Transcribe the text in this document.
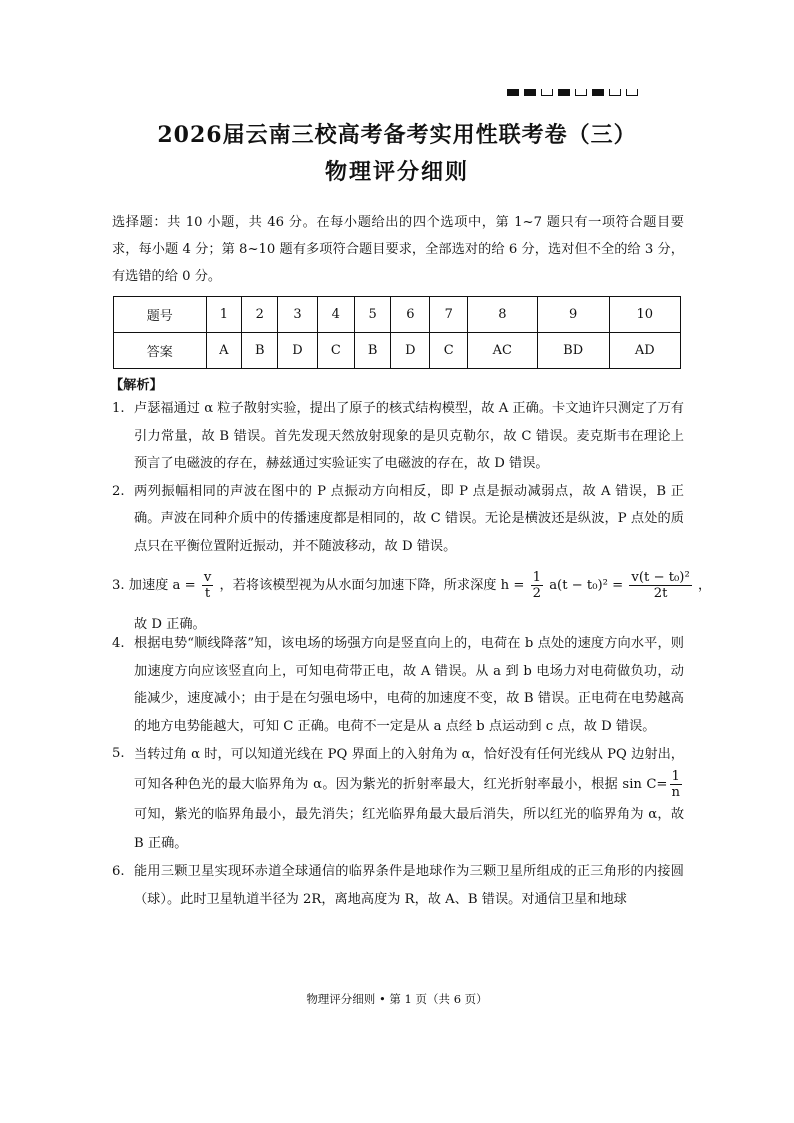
2026届云南三校高考备考实用性联考卷（三）
物理评分细则
选择题：共 10 小题，共 46 分。在每小题给出的四个选项中，第 1~7 题只有一项符合题目要求，每小题 4 分；第 8~10 题有多项符合题目要求，全部选对的给 6 分，选对但不全的给 3 分，有选错的给 0 分。
题号	1	2	3	4	5	6	7	8	9	10
答案	A	B	D	C	B	D	C	AC	BD	AD
【解析】
1. 卢瑟福通过 α 粒子散射实验，提出了原子的核式结构模型，故 A 正确。卡文迪许只测定了万有引力常量，故 B 错误。首先发现天然放射现象的是贝克勒尔，故 C 错误。麦克斯韦在理论上预言了电磁波的存在，赫兹通过实验证实了电磁波的存在，故 D 错误。
2. 两列振幅相同的声波在图中的 P 点振动方向相反，即 P 点是振动减弱点，故 A 错误，B 正确。声波在同种介质中的传播速度都是相同的，故 C 错误。无论是横波还是纵波，P 点处的质点只在平衡位置附近振动，并不随波移动，故 D 错误。
3. 加速度 $a = \frac{v}{t}$ ，若将该模型视为从水面匀加速下降，所求深度 $h = \frac{1}{2} a(t - t_0)^2 = \frac{\text{v(t − t₀)²}}{2t}$ ，
故 D 正确。
4. 根据电势“顺线降落”知，该电场的场强方向是竖直向上的，电荷在 b 点处的速度方向水平，则加速度方向应该竖直向上，可知电荷带正电，故 A 错误。从 a 到 b 电场力对电荷做负功，动能减少，速度减小；由于是在匀强电场中，电荷的加速度不变，故 B 错误。正电荷在电势越高的地方电势能越大，可知 C 正确。电荷不一定是从 a 点经 b 点运动到 c 点，故 D 错误。
5. 当转过角 α 时，可以知道光线在 PQ 界面上的入射角为 α，恰好没有任何光线从 PQ 边射出，可知各种色光的最大临界角为 α。因为紫光的折射率最大，红光折射率最小，根据 $\sin C= \frac{1}{n}$
可知，紫光的临界角最小，最先消失；红光临界角最大最后消失，所以红光的临界角为 α，故 B 正确。
6. 能用三颗卫星实现环赤道全球通信的临界条件是地球作为三颗卫星所组成的正三角形的内接圆（球）。此时卫星轨道半径为 2R，离地高度为 R，故 A、B 错误。对通信卫星和地球
物理评分细则 • 第 1 页（共 6 页）
